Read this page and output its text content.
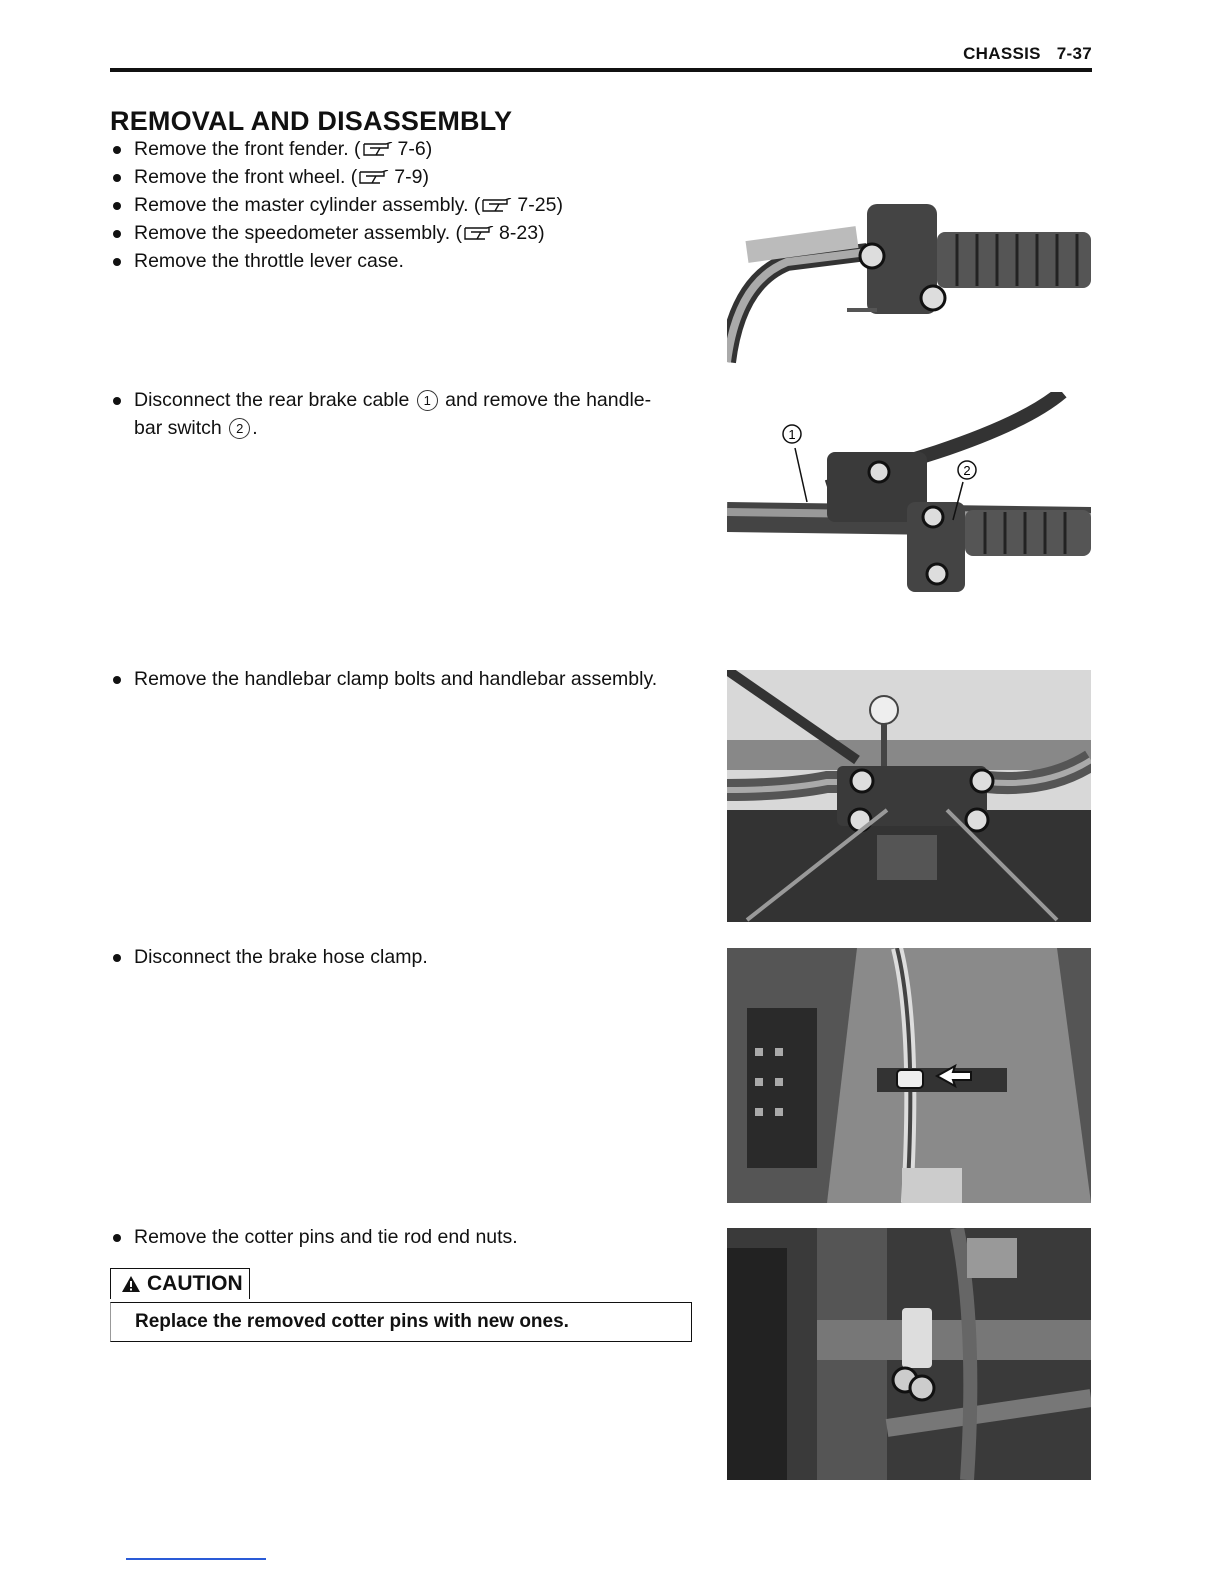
CHASSIS 7-37
REMOVAL AND DISASSEMBLY
Remove the front fender. ( 7-6)
Remove the front wheel. ( 7-9)
Remove the master cylinder assembly. ( 7-25)
Remove the speedometer assembly. ( 8-23)
Remove the throttle lever case.
Disconnect the rear brake cable 1 and remove the handle-
bar switch 2 .
Remove the handlebar clamp bolts and handlebar assembly.
Disconnect the brake hose clamp.
Remove the cotter pins and tie rod end nuts.
CAUTION
Replace the removed cotter pins with new ones.
1
2
